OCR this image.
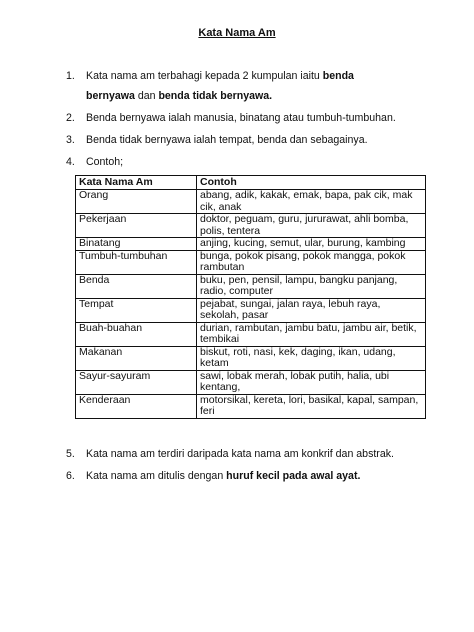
Kata Nama Am
1. Kata nama am terbahagi kepada 2 kumpulan iaitu benda
bernyawa dan benda tidak bernyawa.
2. Benda bernyawa ialah manusia, binatang atau tumbuh-tumbuhan.
3. Benda tidak bernyawa ialah tempat, benda dan sebagainya.
4. Contoh;
Kata Nama Am	Contoh
Orang	abang, adik, kakak, emak, bapa, pak cik, mak cik, anak
Pekerjaan	doktor, peguam, guru, jururawat, ahli bomba, polis, tentera
Binatang	anjing, kucing, semut, ular, burung, kambing
Tumbuh-tumbuhan	bunga, pokok pisang, pokok mangga, pokok rambutan
Benda	buku, pen, pensil, lampu, bangku panjang, radio, computer
Tempat	pejabat, sungai, jalan raya, lebuh raya, sekolah, pasar
Buah-buahan	durian, rambutan, jambu batu, jambu air, betik, tembikai
Makanan	biskut, roti, nasi, kek, daging, ikan, udang, ketam
Sayur-sayuram	sawi, lobak merah, lobak putih, halia, ubi kentang,
Kenderaan	motorsikal, kereta, lori, basikal, kapal, sampan, feri
5. Kata nama am terdiri daripada kata nama am konkrif dan abstrak.
6. Kata nama am ditulis dengan huruf kecil pada awal ayat.
